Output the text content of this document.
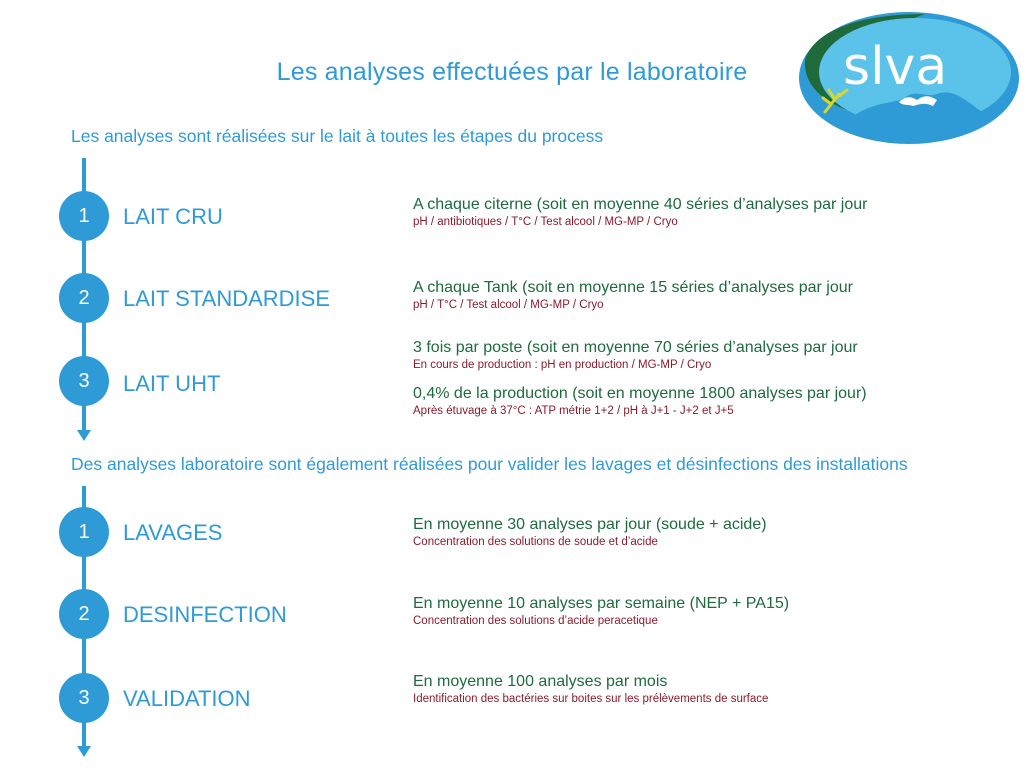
Les analyses effectuées par le laboratoire	slva
Les analyses sont réalisées sur le lait à toutes les étapes du process
1	LAIT CRU	A chaque citerne (soit en moyenne 40 séries d’analyses par jour
pH / antibiotiques / T°C / Test alcool / MG-MP / Cryo
2	LAIT STANDARDISE	A chaque Tank (soit en moyenne 15 séries d’analyses par jour
pH / T°C / Test alcool / MG-MP / Cryo
3	LAIT UHT
3 fois par poste (soit en moyenne 70 séries d’analyses par jour
En cours de production : pH en production / MG-MP / Cryo
0,4% de la production (soit en moyenne 1800 analyses par jour)
Après étuvage à 37°C : ATP métrie 1+2 / pH à J+1 - J+2 et J+5
Des analyses laboratoire sont également réalisées pour valider les lavages et désinfections des installations
1	LAVAGES	En moyenne 30 analyses par jour (soude + acide)
Concentration des solutions de soude et d’acide
2	DESINFECTION	En moyenne 10 analyses par semaine (NEP + PA15)
Concentration des solutions d’acide peracetique
3	VALIDATION
En moyenne 100 analyses par mois
Identification des bactéries sur boites sur les prélèvements de surface
